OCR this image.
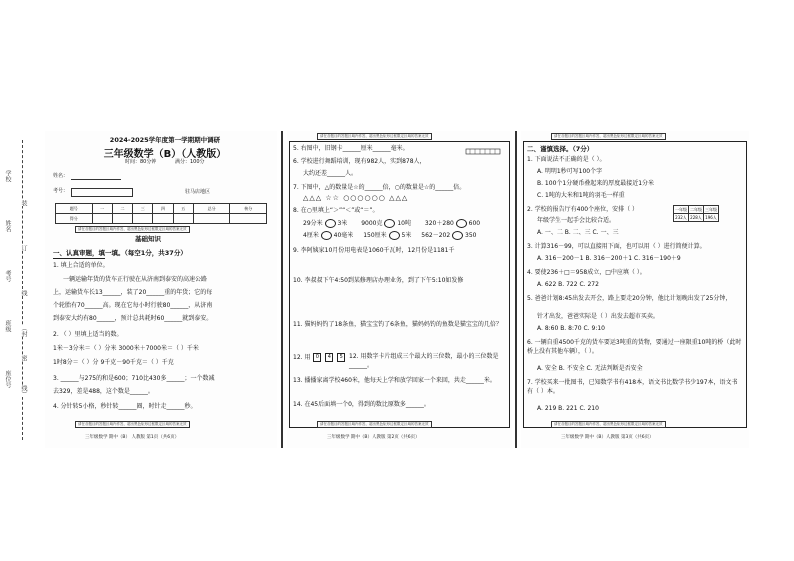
学校
姓名
考号
班级
座位号
装
订
线
（封
密
线）
2024-2025学年度第一学期期中调研
三年级数学（B）（人教版）
时间：80分钟	满分：100分
姓名：
考号：	驻马店地区
题号	一	二	三	四	五	总分	核分
得分							
请在各题目的答题区域内作答，超出黑色矩形边框限定区域的答案无效
基础知识
一、认真审题，填一填。（每空1分，共37分）
1. 填上合适的单位。
一辆运输年货的货车正行驶在从济南到泰安的高速公路
上，运输货车长13______，装了20______重的年货；它的每
个轮胎有70______高。现在它每小时行驶80______，从济南
到泰安大约有80______，预计总共耗时60______就到泰安。
2. （ ）里填上适当的数。
1米－3分米＝（ ）分米 3000米＋7000米＝（ ）千米
1时8分＝（ ）分 9千克－90千克＝（ ）千克
3. ______与275的和是600；710比430多______；一个数减
去329，差是488，这个数是______。
4. 分针转5小格，秒针转______圈，时针走______秒。
请在各题目的答题区域内作答，超出黑色矩形边框限定区域的答案无效
三年级数学 期中（B） 人教版 第1页（共6页）
请在各题目的答题区域内作答，超出黑色矩形边框限定区域的答案无效
5. 右图中，旧钢卡______厘米______毫米。
6. 学校进行舞蹈培训，现有982人，实到878人，
大约还差______人。
7. 下图中，△的数量是☆的______倍，○的数量是☆的______倍。
△△△ ☆☆ ○○○○○○ △△△
8. 在○里填上“＞”“＜”或“＝”。
29分米 3米 9000克 10吨 320＋280 600
4厘米 40毫米 150厘米 5米 562－202 350
9. 李阿姨家10月份用电表是1060千瓦时，12月份是1181千
10. 李叔叔下午4:50到某修理店办理业务，到了下午5:10如发修
11. 猫妈妈钓了18条鱼，猫宝宝钓了6条鱼，猫妈妈钓的鱼数是猫宝宝的几倍？
12. 用 0 4 5	12. 用数字卡片组成三个最大的三位数，最小的三位数是______。
13. 播播家离学校460米，他每天上学和放学回家一个来回，共走______米。
14. 在45后面填一个0，得到的数比原数多______。
请在各题目的答题区域内作答，超出黑色矩形边框限定区域的答案无效
三年级数学 期中（B）人教版 第2页（共6页）
请在各题目的答题区域内作答，超出黑色矩形边框限定区域的答案无效
二、谨慎选择。（7分）
1. 下面说法不正确的是（ ）。
A. 明明1秒可写100个字
B. 100个1分硬币叠起来的厚度最接近1分米
C. 1吨的大米和1吨的羽毛一样重
2. 学校的报告厅有400个座位，安排（ ）	一年级	二年级	三年级
232人	228人	196人
年级学生一起手会比较合适。
A. 一、二 B. 二、三 C. 一、三
3. 计算316－99，可以直接用下面，也可以用（ ）进行简便计算。
A. 316－200－1 B. 316－200＋1 C. 316－190＋9
4. 要使236＋□＝958成立，□中应填（ ）。
A. 622 B. 722 C. 272
5. 爸爸计划8:45出发去开会，路上要走20分钟，他比计划晚出发了25分钟，
针才出发，爸爸实际是（ ）出发去超市买卖。
A. 8:60 B. 8:70 C. 9:10
6. 一辆自重4500千克的货车要运3吨重的货物，要通过一座限重10吨的桥（此时桥上没有其他车辆），（ ）。
A. 安全 B. 不安全 C. 无法判断是否安全
7. 学校买来一批图书，已知数学书有418本，语文书比数学书少197本，语文书有（ ）本。
A. 219 B. 221 C. 210
请在各题目的答题区域内作答，超出黑色矩形边框限定区域的答案无效
三年级数学 期中（B）人教版 第3页（共6页）
